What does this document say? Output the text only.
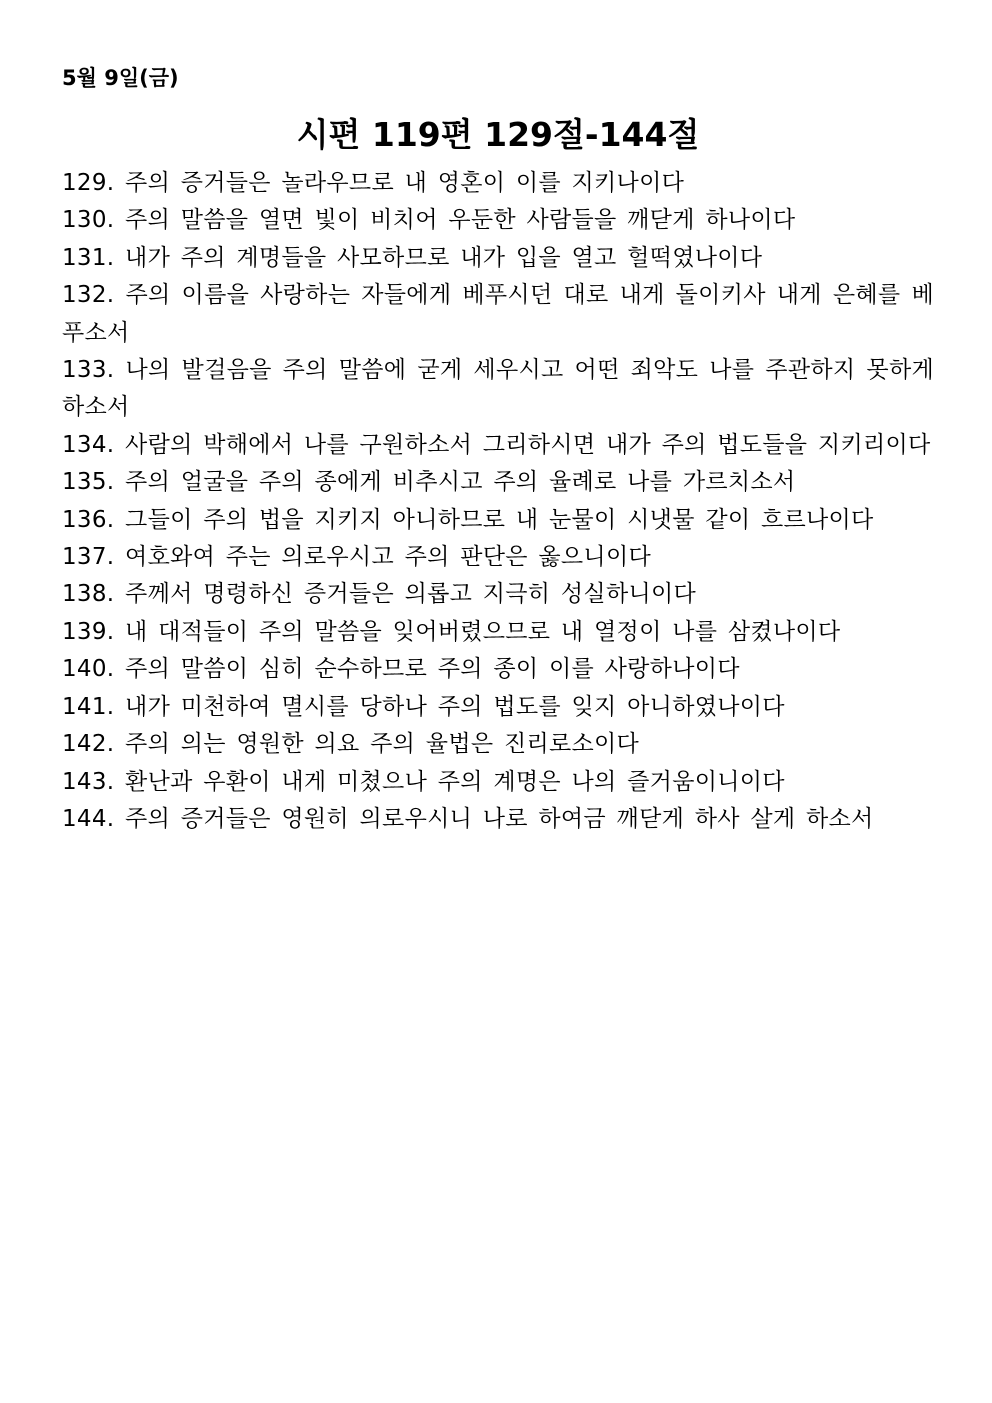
5월 9일(금)
시편 119편 129절-144절
129. 주의 증거들은 놀라우므로 내 영혼이 이를 지키나이다
130. 주의 말씀을 열면 빛이 비치어 우둔한 사람들을 깨닫게 하나이다
131. 내가 주의 계명들을 사모하므로 내가 입을 열고 헐떡였나이다
132. 주의 이름을 사랑하는 자들에게 베푸시던 대로 내게 돌이키사 내게 은혜를 베푸소서
133. 나의 발걸음을 주의 말씀에 굳게 세우시고 어떤 죄악도 나를 주관하지 못하게 하소서
134. 사람의 박해에서 나를 구원하소서 그리하시면 내가 주의 법도들을 지키리이다
135. 주의 얼굴을 주의 종에게 비추시고 주의 율례로 나를 가르치소서
136. 그들이 주의 법을 지키지 아니하므로 내 눈물이 시냇물 같이 흐르나이다
137. 여호와여 주는 의로우시고 주의 판단은 옳으니이다
138. 주께서 명령하신 증거들은 의롭고 지극히 성실하니이다
139. 내 대적들이 주의 말씀을 잊어버렸으므로 내 열정이 나를 삼켰나이다
140. 주의 말씀이 심히 순수하므로 주의 종이 이를 사랑하나이다
141. 내가 미천하여 멸시를 당하나 주의 법도를 잊지 아니하였나이다
142. 주의 의는 영원한 의요 주의 율법은 진리로소이다
143. 환난과 우환이 내게 미쳤으나 주의 계명은 나의 즐거움이니이다
144. 주의 증거들은 영원히 의로우시니 나로 하여금 깨닫게 하사 살게 하소서
